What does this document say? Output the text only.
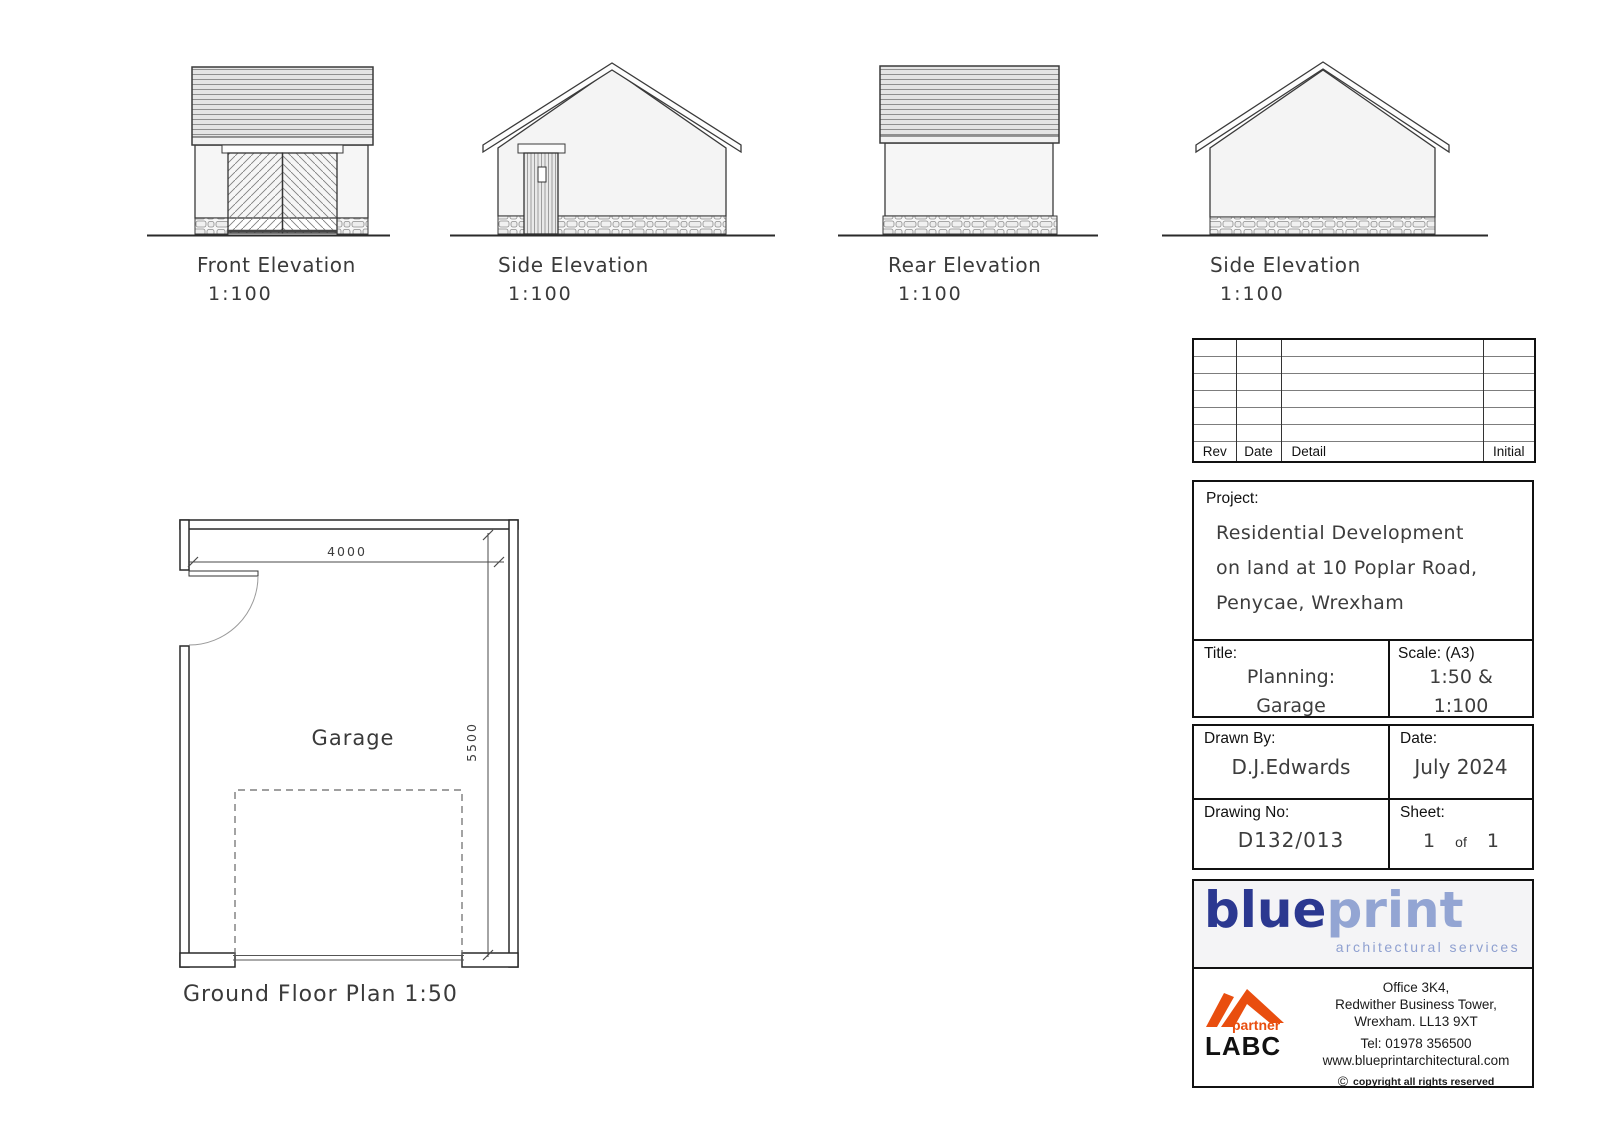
Front Elevation
1:100
Side Elevation
1:100
Rear Elevation
1:100
Side Elevation
1:100
4000
5500
Garage
Ground Floor Plan 1:50

Rev	Date	Detail	Initial
Project:
Residential Development
on land at 10 Poplar Road,
Penycae, Wrexham
Title:
Planning:
Garage
Scale: (A3)
1:50 &
1:100
Drawn By:
D.J.Edwards
Date:
July 2024
Drawing No:
D132/013
Sheet:
1 of 1
blueprint
architectural services
partner
LABC
Office 3K4,
Redwither Business Tower,
Wrexham. LL13 9XT
Tel: 01978 356500
www.blueprintarchitectural.com
© copyright all rights reserved
